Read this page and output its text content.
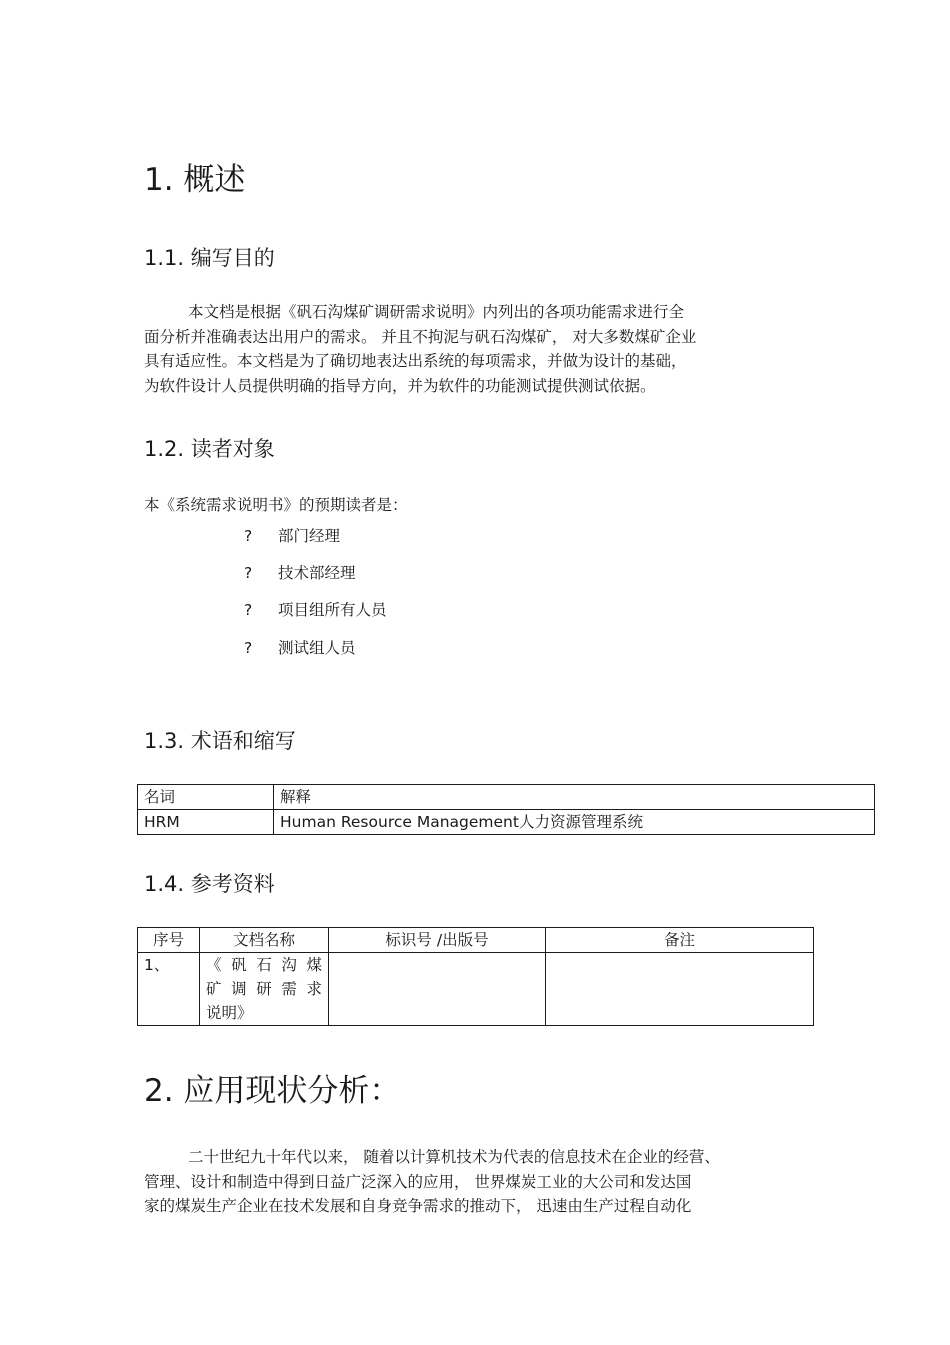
1. 概述
1.1. 编写目的
本文档是根据《矾石沟煤矿调研需求说明》内列出的各项功能需求进行全
面分析并准确表达出用户的需求。 并且不拘泥与矾石沟煤矿， 对大多数煤矿企业
具有适应性。本文档是为了确切地表达出系统的每项需求，并做为设计的基础，
为软件设计人员提供明确的指导方向，并为软件的功能测试提供测试依据。
1.2. 读者对象
本《系统需求说明书》的预期读者是：
? 部门经理
? 技术部经理
? 项目组所有人员
? 测试组人员
1.3. 术语和缩写
名词	解释
HRM	Human Resource Management人力资源管理系统
1.4. 参考资料
序号	文档名称	标识号 /出版号	备注
1、	《矾石沟煤
矿调研需求
说明》		

2. 应用现状分析：
二十世纪九十年代以来， 随着以计算机技术为代表的信息技术在企业的经营、
管理、设计和制造中得到日益广泛深入的应用， 世界煤炭工业的大公司和发达国
家的煤炭生产企业在技术发展和自身竞争需求的推动下， 迅速由生产过程自动化
